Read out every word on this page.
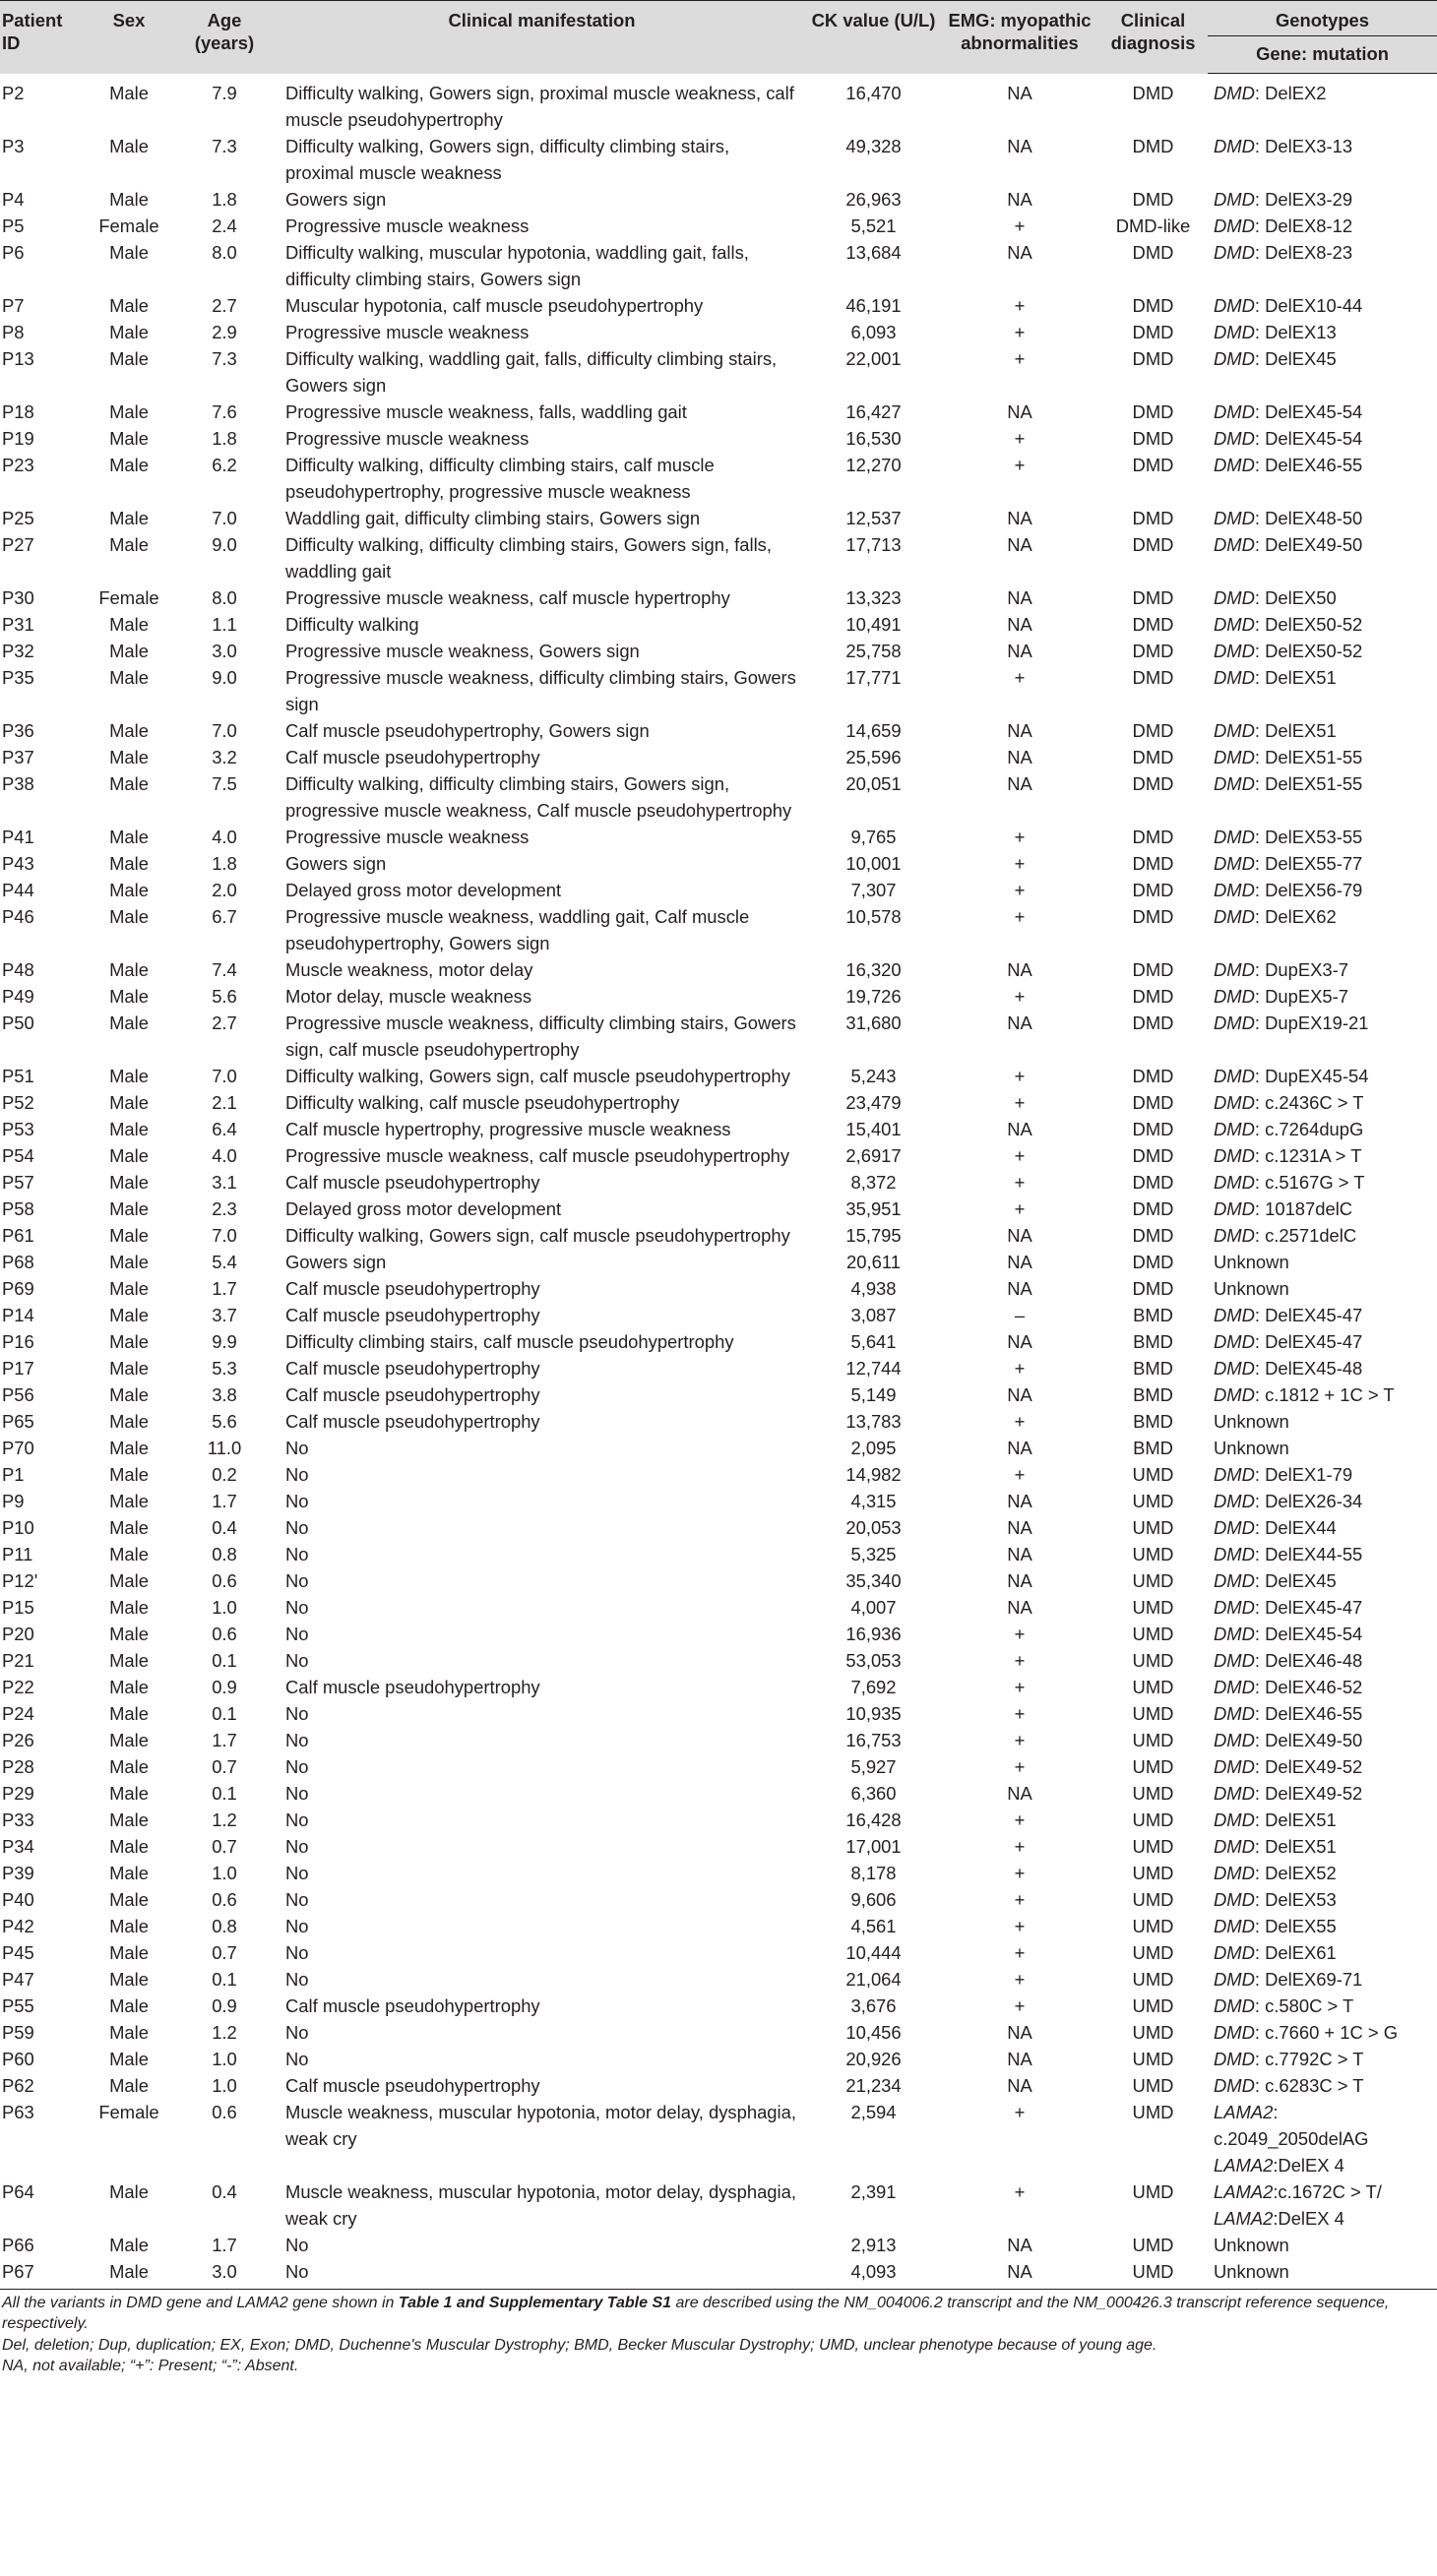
Patient ID	Sex	Age (years)	Clinical manifestation	CK value (U/L)	EMG: myopathic abnormalities	Clinical diagnosis	Genotypes
							Gene: mutation
P2	Male	7.9	Difficulty walking, Gowers sign, proximal muscle weakness, calf muscle pseudohypertrophy	16,470	NA	DMD	DMD: DelEX2
P3	Male	7.3	Difficulty walking, Gowers sign, difficulty climbing stairs, proximal muscle weakness	49,328	NA	DMD	DMD: DelEX3-13
P4	Male	1.8	Gowers sign	26,963	NA	DMD	DMD: DelEX3-29
P5	Female	2.4	Progressive muscle weakness	5,521	+	DMD-like	DMD: DelEX8-12
P6	Male	8.0	Difficulty walking, muscular hypotonia, waddling gait, falls, difficulty climbing stairs, Gowers sign	13,684	NA	DMD	DMD: DelEX8-23
P7	Male	2.7	Muscular hypotonia, calf muscle pseudohypertrophy	46,191	+	DMD	DMD: DelEX10-44
P8	Male	2.9	Progressive muscle weakness	6,093	+	DMD	DMD: DelEX13
P13	Male	7.3	Difficulty walking, waddling gait, falls, difficulty climbing stairs, Gowers sign	22,001	+	DMD	DMD: DelEX45
P18	Male	7.6	Progressive muscle weakness, falls, waddling gait	16,427	NA	DMD	DMD: DelEX45-54
P19	Male	1.8	Progressive muscle weakness	16,530	+	DMD	DMD: DelEX45-54
P23	Male	6.2	Difficulty walking, difficulty climbing stairs, calf muscle pseudohypertrophy, progressive muscle weakness	12,270	+	DMD	DMD: DelEX46-55
P25	Male	7.0	Waddling gait, difficulty climbing stairs, Gowers sign	12,537	NA	DMD	DMD: DelEX48-50
P27	Male	9.0	Difficulty walking, difficulty climbing stairs, Gowers sign, falls, waddling gait	17,713	NA	DMD	DMD: DelEX49-50
P30	Female	8.0	Progressive muscle weakness, calf muscle hypertrophy	13,323	NA	DMD	DMD: DelEX50
P31	Male	1.1	Difficulty walking	10,491	NA	DMD	DMD: DelEX50-52
P32	Male	3.0	Progressive muscle weakness, Gowers sign	25,758	NA	DMD	DMD: DelEX50-52
P35	Male	9.0	Progressive muscle weakness, difficulty climbing stairs, Gowers sign	17,771	+	DMD	DMD: DelEX51
P36	Male	7.0	Calf muscle pseudohypertrophy, Gowers sign	14,659	NA	DMD	DMD: DelEX51
P37	Male	3.2	Calf muscle pseudohypertrophy	25,596	NA	DMD	DMD: DelEX51-55
P38	Male	7.5	Difficulty walking, difficulty climbing stairs, Gowers sign, progressive muscle weakness, Calf muscle pseudohypertrophy	20,051	NA	DMD	DMD: DelEX51-55
P41	Male	4.0	Progressive muscle weakness	9,765	+	DMD	DMD: DelEX53-55
P43	Male	1.8	Gowers sign	10,001	+	DMD	DMD: DelEX55-77
P44	Male	2.0	Delayed gross motor development	7,307	+	DMD	DMD: DelEX56-79
P46	Male	6.7	Progressive muscle weakness, waddling gait, Calf muscle pseudohypertrophy, Gowers sign	10,578	+	DMD	DMD: DelEX62
P48	Male	7.4	Muscle weakness, motor delay	16,320	NA	DMD	DMD: DupEX3-7
P49	Male	5.6	Motor delay, muscle weakness	19,726	+	DMD	DMD: DupEX5-7
P50	Male	2.7	Progressive muscle weakness, difficulty climbing stairs, Gowers sign, calf muscle pseudohypertrophy	31,680	NA	DMD	DMD: DupEX19-21
P51	Male	7.0	Difficulty walking, Gowers sign, calf muscle pseudohypertrophy	5,243	+	DMD	DMD: DupEX45-54
P52	Male	2.1	Difficulty walking, calf muscle pseudohypertrophy	23,479	+	DMD	DMD: c.2436C > T
P53	Male	6.4	Calf muscle hypertrophy, progressive muscle weakness	15,401	NA	DMD	DMD: c.7264dupG
P54	Male	4.0	Progressive muscle weakness, calf muscle pseudohypertrophy	2,6917	+	DMD	DMD: c.1231A > T
P57	Male	3.1	Calf muscle pseudohypertrophy	8,372	+	DMD	DMD: c.5167G > T
P58	Male	2.3	Delayed gross motor development	35,951	+	DMD	DMD: 10187delC
P61	Male	7.0	Difficulty walking, Gowers sign, calf muscle pseudohypertrophy	15,795	NA	DMD	DMD: c.2571delC
P68	Male	5.4	Gowers sign	20,611	NA	DMD	Unknown
P69	Male	1.7	Calf muscle pseudohypertrophy	4,938	NA	DMD	Unknown
P14	Male	3.7	Calf muscle pseudohypertrophy	3,087	–	BMD	DMD: DelEX45-47
P16	Male	9.9	Difficulty climbing stairs, calf muscle pseudohypertrophy	5,641	NA	BMD	DMD: DelEX45-47
P17	Male	5.3	Calf muscle pseudohypertrophy	12,744	+	BMD	DMD: DelEX45-48
P56	Male	3.8	Calf muscle pseudohypertrophy	5,149	NA	BMD	DMD: c.1812 + 1C > T
P65	Male	5.6	Calf muscle pseudohypertrophy	13,783	+	BMD	Unknown
P70	Male	11.0	No	2,095	NA	BMD	Unknown
P1	Male	0.2	No	14,982	+	UMD	DMD: DelEX1-79
P9	Male	1.7	No	4,315	NA	UMD	DMD: DelEX26-34
P10	Male	0.4	No	20,053	NA	UMD	DMD: DelEX44
P11	Male	0.8	No	5,325	NA	UMD	DMD: DelEX44-55
P12'	Male	0.6	No	35,340	NA	UMD	DMD: DelEX45
P15	Male	1.0	No	4,007	NA	UMD	DMD: DelEX45-47
P20	Male	0.6	No	16,936	+	UMD	DMD: DelEX45-54
P21	Male	0.1	No	53,053	+	UMD	DMD: DelEX46-48
P22	Male	0.9	Calf muscle pseudohypertrophy	7,692	+	UMD	DMD: DelEX46-52
P24	Male	0.1	No	10,935	+	UMD	DMD: DelEX46-55
P26	Male	1.7	No	16,753	+	UMD	DMD: DelEX49-50
P28	Male	0.7	No	5,927	+	UMD	DMD: DelEX49-52
P29	Male	0.1	No	6,360	NA	UMD	DMD: DelEX49-52
P33	Male	1.2	No	16,428	+	UMD	DMD: DelEX51
P34	Male	0.7	No	17,001	+	UMD	DMD: DelEX51
P39	Male	1.0	No	8,178	+	UMD	DMD: DelEX52
P40	Male	0.6	No	9,606	+	UMD	DMD: DelEX53
P42	Male	0.8	No	4,561	+	UMD	DMD: DelEX55
P45	Male	0.7	No	10,444	+	UMD	DMD: DelEX61
P47	Male	0.1	No	21,064	+	UMD	DMD: DelEX69-71
P55	Male	0.9	Calf muscle pseudohypertrophy	3,676	+	UMD	DMD: c.580C > T
P59	Male	1.2	No	10,456	NA	UMD	DMD: c.7660 + 1C > G
P60	Male	1.0	No	20,926	NA	UMD	DMD: c.7792C > T
P62	Male	1.0	Calf muscle pseudohypertrophy	21,234	NA	UMD	DMD: c.6283C > T
P63	Female	0.6	Muscle weakness, muscular hypotonia, motor delay, dysphagia, weak cry	2,594	+	UMD	LAMA2:
c.2049_2050delAG
LAMA2:DelEX 4

P64	Male	0.4	Muscle weakness, muscular hypotonia, motor delay, dysphagia, weak cry	2,391	+	UMD	LAMA2:c.1672C > T/
LAMA2:DelEX 4

P66	Male	1.7	No	2,913	NA	UMD	Unknown
P67	Male	3.0	No	4,093	NA	UMD	Unknown

All the variants in DMD gene and LAMA2 gene shown in Table 1 and Supplementary Table S1 are described using the NM_004006.2 transcript and the NM_000426.3 transcript reference sequence, respectively.

Del, deletion; Dup, duplication; EX, Exon; DMD, Duchenne's Muscular Dystrophy; BMD, Becker Muscular Dystrophy; UMD, unclear phenotype because of young age.

NA, not available; “+”: Present; “-”: Absent.
